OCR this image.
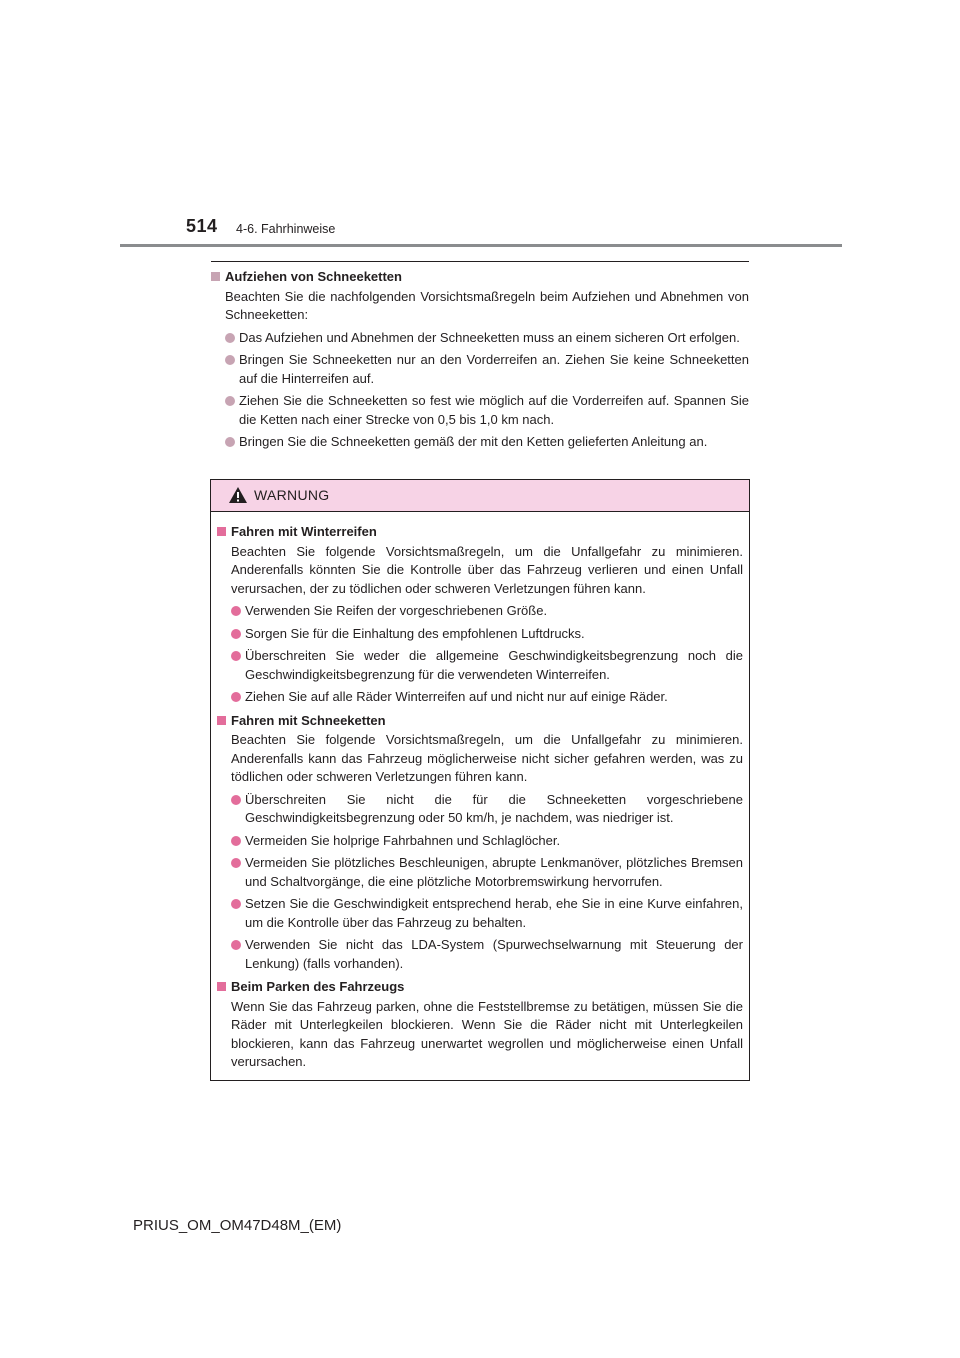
514 4-6. Fahrhinweise
Aufziehen von Schneeketten

Beachten Sie die nachfolgenden Vorsichtsmaßregeln beim Aufziehen und Abnehmen von Schneeketten:

Das Aufziehen und Abnehmen der Schneeketten muss an einem sicheren Ort erfolgen.
Bringen Sie Schneeketten nur an den Vorderreifen an. Ziehen Sie keine Schneeketten auf die Hinterreifen auf.
Ziehen Sie die Schneeketten so fest wie möglich auf die Vorderreifen auf. Spannen Sie die Ketten nach einer Strecke von 0,5 bis 1,0 km nach.
Bringen Sie die Schneeketten gemäß der mit den Ketten gelieferten Anleitung an.
WARNUNG
Fahren mit Winterreifen

Beachten Sie folgende Vorsichtsmaßregeln, um die Unfallgefahr zu minimieren. Anderenfalls könnten Sie die Kontrolle über das Fahrzeug verlieren und einen Unfall verursachen, der zu tödlichen oder schweren Verletzungen führen kann.

Verwenden Sie Reifen der vorgeschriebenen Größe.
Sorgen Sie für die Einhaltung des empfohlenen Luftdrucks.
Überschreiten Sie weder die allgemeine Geschwindigkeitsbegrenzung noch die Geschwindigkeitsbegrenzung für die verwendeten Winterreifen.
Ziehen Sie auf alle Räder Winterreifen auf und nicht nur auf einige Räder.
Fahren mit Schneeketten

Beachten Sie folgende Vorsichtsmaßregeln, um die Unfallgefahr zu minimieren. Anderenfalls kann das Fahrzeug möglicherweise nicht sicher gefahren werden, was zu tödlichen oder schweren Verletzungen führen kann.

Überschreiten Sie nicht die für die Schneeketten vorgeschriebene Geschwindigkeitsbegrenzung oder 50 km/h, je nachdem, was niedriger ist.
Vermeiden Sie holprige Fahrbahnen und Schlaglöcher.
Vermeiden Sie plötzliches Beschleunigen, abrupte Lenkmanöver, plötzliches Bremsen und Schaltvorgänge, die eine plötzliche Motorbremswirkung hervorrufen.
Setzen Sie die Geschwindigkeit entsprechend herab, ehe Sie in eine Kurve einfahren, um die Kontrolle über das Fahrzeug zu behalten.
Verwenden Sie nicht das LDA-System (Spurwechselwarnung mit Steuerung der Lenkung) (falls vorhanden).
Beim Parken des Fahrzeugs

Wenn Sie das Fahrzeug parken, ohne die Feststellbremse zu betätigen, müssen Sie die Räder mit Unterlegkeilen blockieren. Wenn Sie die Räder nicht mit Unterlegkeilen blockieren, kann das Fahrzeug unerwartet wegrollen und möglicherweise einen Unfall verursachen.

PRIUS_OM_OM47D48M_(EM)
